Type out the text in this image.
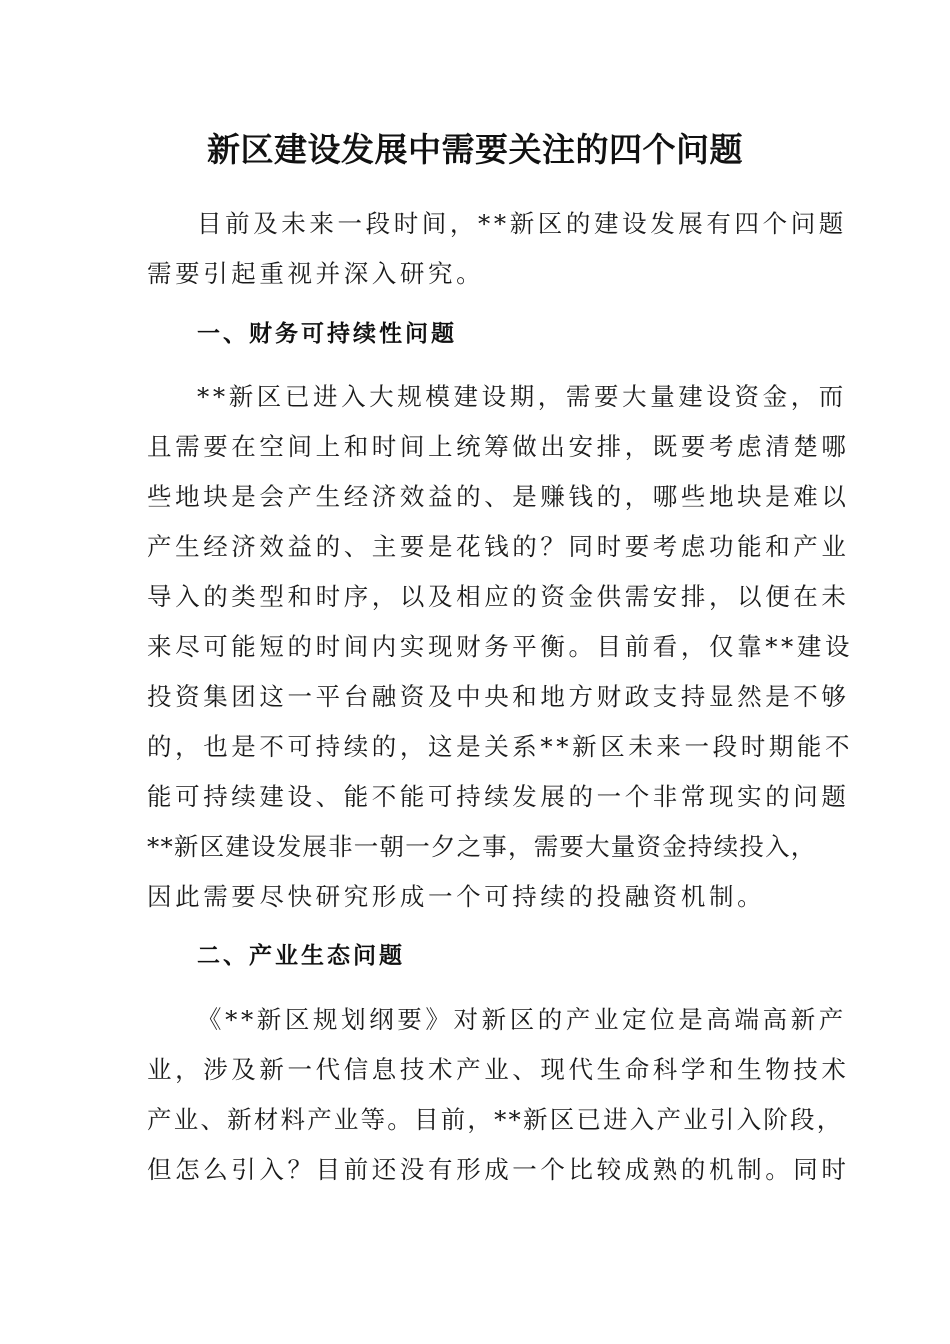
新区建设发展中需要关注的四个问题
目前及未来一段时间，**新区的建设发展有四个问题
需要引起重视并深入研究。
一、财务可持续性问题
**新区已进入大规模建设期，需要大量建设资金，而
且需要在空间上和时间上统筹做出安排，既要考虑清楚哪
些地块是会产生经济效益的、是赚钱的，哪些地块是难以
产生经济效益的、主要是花钱的？同时要考虑功能和产业
导入的类型和时序，以及相应的资金供需安排，以便在未
来尽可能短的时间内实现财务平衡。目前看，仅靠**建设
投资集团这一平台融资及中央和地方财政支持显然是不够
的，也是不可持续的，这是关系**新区未来一段时期能不
能可持续建设、能不能可持续发展的一个非常现实的问题
**新区建设发展非一朝一夕之事，需要大量资金持续投入，
因此需要尽快研究形成一个可持续的投融资机制。
二、产业生态问题
《**新区规划纲要》对新区的产业定位是高端高新产
业，涉及新一代信息技术产业、现代生命科学和生物技术
产业、新材料产业等。目前，**新区已进入产业引入阶段，
但怎么引入？目前还没有形成一个比较成熟的机制。同时
